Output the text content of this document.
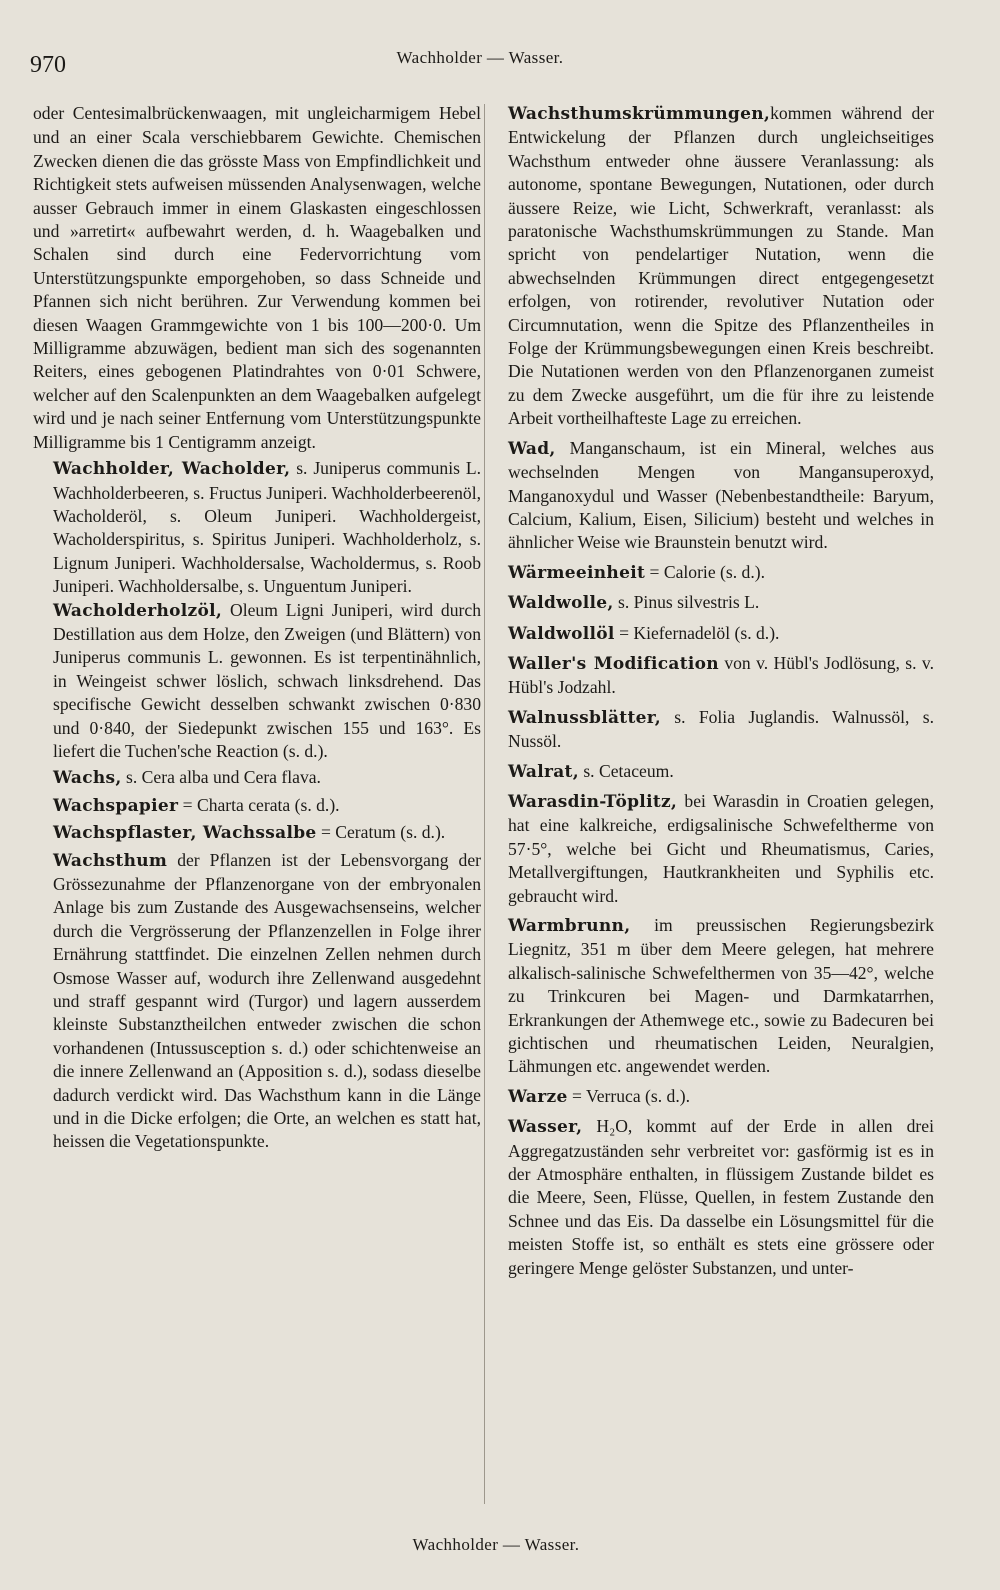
970	Wachholder — Wasser.

oder Centesimalbrückenwaagen, mit ungleicharmigem Hebel und an einer Scala verschiebbarem Gewichte. Chemischen Zwecken dienen die das grösste Mass von Empfindlichkeit und Richtigkeit stets aufweisen müssenden Analysenwagen, welche ausser Gebrauch immer in einem Glaskasten eingeschlossen und »arretirt« aufbewahrt werden, d. h. Waagebalken und Schalen sind durch eine Federvorrichtung vom Unterstützungspunkte emporgehoben, so dass Schneide und Pfannen sich nicht berühren. Zur Verwendung kommen bei diesen Waagen Grammgewichte von 1 bis 100—200·0. Um Milligramme abzuwägen, bedient man sich des sogenannten Reiters, eines gebogenen Platindrahtes von 0·01 Schwere, welcher auf den Scalenpunkten an dem Waagebalken aufgelegt wird und je nach seiner Entfernung vom Unterstützungspunkte Milligramme bis 1 Centigramm anzeigt.

Wachholder, Wacholder, s. Juniperus communis L. Wachholderbeeren, s. Fructus Juniperi. Wachholderbeerenöl, Wacholderöl, s. Oleum Juniperi. Wachholdergeist, Wacholderspiritus, s. Spiritus Juniperi. Wachholderholz, s. Lignum Juniperi. Wachholdersalse, Wacholdermus, s. Roob Juniperi. Wachholdersalbe, s. Unguentum Juniperi.

Wacholderholzöl, Oleum Ligni Juniperi, wird durch Destillation aus dem Holze, den Zweigen (und Blättern) von Juniperus communis L. gewonnen. Es ist terpentinähnlich, in Weingeist schwer löslich, schwach linksdrehend. Das specifische Gewicht desselben schwankt zwischen 0·830 und 0·840, der Siedepunkt zwischen 155 und 163°. Es liefert die Tuchen'sche Reaction (s. d.).

Wachs, s. Cera alba und Cera flava.

Wachspapier = Charta cerata (s. d.).

Wachspflaster, Wachssalbe = Ceratum (s. d.).

Wachsthum der Pflanzen ist der Lebensvorgang der Grössezunahme der Pflanzenorgane von der embryonalen Anlage bis zum Zustande des Ausgewachsenseins, welcher durch die Vergrösserung der Pflanzenzellen in Folge ihrer Ernährung stattfindet. Die einzelnen Zellen nehmen durch Osmose Wasser auf, wodurch ihre Zellenwand ausgedehnt und straff gespannt wird (Turgor) und lagern ausserdem kleinste Substanztheilchen entweder zwischen die schon vorhandenen (Intussusception s. d.) oder schichtenweise an die innere Zellenwand an (Apposition s. d.), sodass dieselbe dadurch verdickt wird. Das Wachsthum kann in die Länge und in die Dicke erfolgen; die Orte, an welchen es statt hat, heissen die Vegetationspunkte.

Wachsthumskrümmungen,kommen während der Entwickelung der Pflanzen durch ungleichseitiges Wachsthum entweder ohne äussere Veranlassung: als autonome, spontane Bewegungen, Nutationen, oder durch äussere Reize, wie Licht, Schwerkraft, veranlasst: als paratonische Wachsthumskrümmungen zu Stande. Man spricht von pendelartiger Nutation, wenn die abwechselnden Krümmungen direct entgegengesetzt erfolgen, von rotirender, revolutiver Nutation oder Circumnutation, wenn die Spitze des Pflanzentheiles in Folge der Krümmungsbewegungen einen Kreis beschreibt. Die Nutationen werden von den Pflanzenorganen zumeist zu dem Zwecke ausgeführt, um die für ihre zu leistende Arbeit vortheilhafteste Lage zu erreichen.

Wad, Manganschaum, ist ein Mineral, welches aus wechselnden Mengen von Mangansuperoxyd, Manganoxydul und Wasser (Nebenbestandtheile: Baryum, Calcium, Kalium, Eisen, Silicium) besteht und welches in ähnlicher Weise wie Braunstein benutzt wird.

Wärmeeinheit = Calorie (s. d.).

Waldwolle, s. Pinus silvestris L.

Waldwollöl = Kiefernadelöl (s. d.).

Waller's Modification von v. Hübl's Jodlösung, s. v. Hübl's Jodzahl.

Walnussblätter, s. Folia Juglandis. Walnussöl, s. Nussöl.

Walrat, s. Cetaceum.

Warasdin-Töplitz, bei Warasdin in Croatien gelegen, hat eine kalkreiche, erdigsalinische Schwefeltherme von 57·5°, welche bei Gicht und Rheumatismus, Caries, Metallvergiftungen, Hautkrankheiten und Syphilis etc. gebraucht wird.

Warmbrunn, im preussischen Regierungsbezirk Liegnitz, 351 m über dem Meere gelegen, hat mehrere alkalisch-salinische Schwefelthermen von 35—42°, welche zu Trinkcuren bei Magen- und Darmkatarrhen, Erkrankungen der Athemwege etc., sowie zu Badecuren bei gichtischen und rheumatischen Leiden, Neuralgien, Lähmungen etc. angewendet werden.

Warze = Verruca (s. d.).

Wasser, H₂O, kommt auf der Erde in allen drei Aggregatzuständen sehr verbreitet vor: gasförmig ist es in der Atmosphäre enthalten, in flüssigem Zustande bildet es die Meere, Seen, Flüsse, Quellen, in festem Zustande den Schnee und das Eis. Da dasselbe ein Lösungsmittel für die meisten Stoffe ist, so enthält es stets eine grössere oder geringere Menge gelöster Substanzen, und unter-

Wachholder — Wasser.
